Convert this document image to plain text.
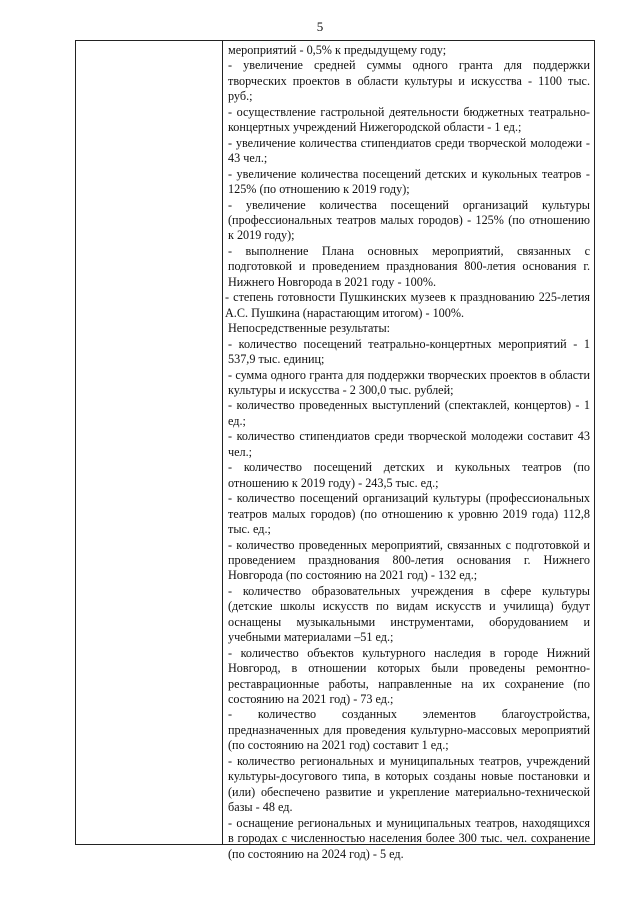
5

мероприятий - 0,5% к предыдущему году;

- увеличение средней суммы одного гранта для поддержки творческих проектов в области культуры и искусства - 1100 тыс. руб.;

- осуществление гастрольной деятельности бюджетных театрально-концертных учреждений Нижегородской области - 1 ед.;

- увеличение количества стипендиатов среди творческой молодежи - 43 чел.;

- увеличение количества посещений детских и кукольных театров - 125% (по отношению к 2019 году);

- увеличение количества посещений организаций культуры (профессиональных театров малых городов) - 125% (по отношению к 2019 году);

- выполнение Плана основных мероприятий, связанных с подготовкой и проведением празднования 800-летия основания г. Нижнего Новгорода в 2021 году - 100%.

- степень готовности Пушкинских музеев к празднованию 225-летия А.С. Пушкина (нарастающим итогом) - 100%.

Непосредственные результаты:

- количество посещений театрально-концертных мероприятий - 1 537,9 тыс. единиц;

- сумма одного гранта для поддержки творческих проектов в области культуры и искусства - 2 300,0 тыс. рублей;

- количество проведенных выступлений (спектаклей, концертов) - 1 ед.;

- количество стипендиатов среди творческой молодежи составит 43 чел.;

- количество посещений детских и кукольных театров (по отношению к 2019 году) - 243,5 тыс. ед.;

- количество посещений организаций культуры (профессиональных театров малых городов) (по отношению к уровню 2019 года) 112,8 тыс. ед.;

- количество проведенных мероприятий, связанных с подготовкой и проведением празднования 800-летия основания г. Нижнего Новгорода (по состоянию на 2021 год) - 132 ед.;

- количество образовательных учреждения в сфере культуры (детские школы искусств по видам искусств и училища) будут оснащены музыкальными инструментами, оборудованием и учебными материалами –51 ед.;

- количество объектов культурного наследия в городе Нижний Новгород, в отношении которых были проведены ремонтно-реставрационные работы, направленные на их сохранение (по состоянию на 2021 год) - 73 ед.;

- количество созданных элементов благоустройства, предназначенных для проведения культурно-массовых мероприятий (по состоянию на 2021 год) составит 1 ед.;

- количество региональных и муниципальных театров, учреждений культуры-досугового типа, в которых созданы новые постановки и (или) обеспечено развитие и укрепление материально-технической базы - 48 ед.

- оснащение региональных и муниципальных театров, находящихся в городах с численностью населения более 300 тыс. чел. сохранение (по состоянию на 2024 год) - 5 ед.
